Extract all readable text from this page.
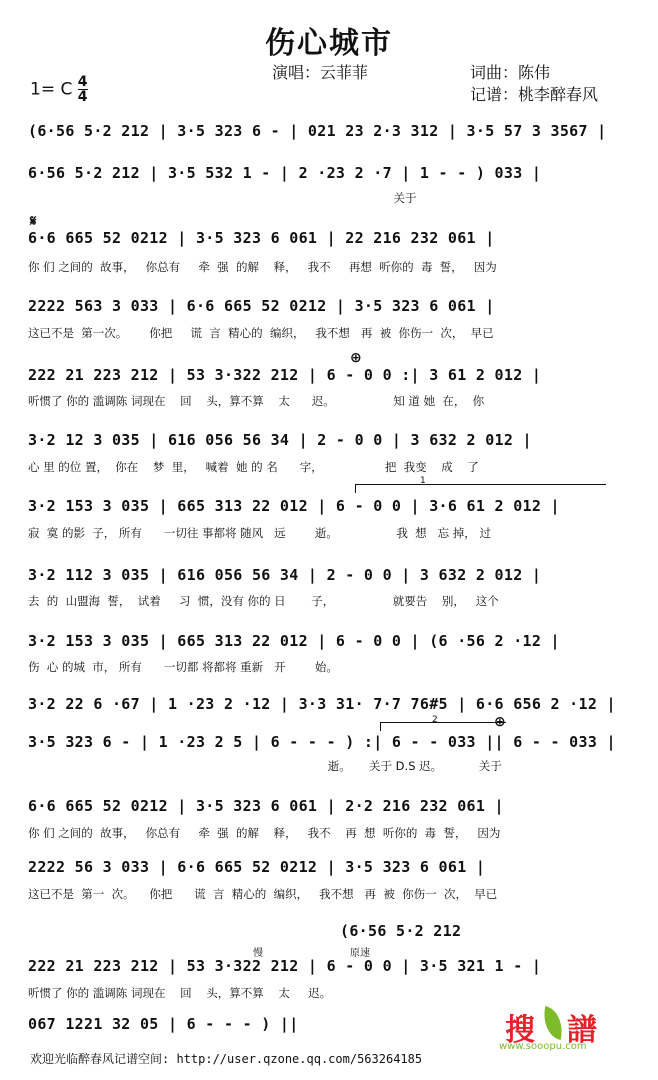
伤心城市
演唱：云菲菲	词曲：陈伟
记谱：桃李醉春风
1= C $\frac{4}{4}$
(6·56 5·2 212 | 3·5 323 6 - | 021 23 2·3 312 | 3·5 57 3 3567 |
6·56 5·2 212 | 3·5 532 1 - | 2 ·23 2 ·7 | 1 - - ) 033 |
关于
𝄋
6·6 665 52 0212 | 3·5 323 6 061 | 22 216 232 061 |
你 们 之间的  故事，   你总有     牵  强  的解    释，   我不     再想  听你的  毒  誓，   因为
2222 563 3 033 | 6·6 665 52 0212 | 3·5 323 6 061 |
这已不是  第一次。      你把     谎  言  精心的  编织，   我不想   再  被  你伤一  次，  早已
⊕
222 21 223 212 | 53 3·322 212 | 6 - 0 0 :| 3 61 2 012 |
听惯了 你的 滥调陈 词现在    回    头，算不算    太      迟。                知 道 她  在，  你
3·2 12 3 035 | 616 056 56 34 | 2 - 0 0 | 3 632 2 012 |
心 里 的位 置，  你在    梦  里，   喊着  她 的 名      字，                 把  我变    成    了
1
3·2 153 3 035 | 665 313 22 012 | 6 - 0 0 | 3·6 61 2 012 |
寂  寞 的影  子， 所有      一切往 事都将 随风   远        逝。                我  想   忘 掉， 过
3·2 112 3 035 | 616 056 56 34 | 2 - 0 0 | 3 632 2 012 |
去  的  山盟海  誓，  试着     习  惯，没有 你的 日       子，                就要告    别，   这个
3·2 153 3 035 | 665 313 22 012 | 6 - 0 0 | (6 ·56 2 ·12 |
伤  心 的城  市， 所有      一切都 将都将 重新   开        始。
3·2 22 6 ·67 | 1 ·23 2 ·12 | 3·3 31· 7·7 76#5 | 6·6 656 2 ·12 |
2	⊕
3·5 323 6 - | 1 ·23 2 5 | 6 - - - ) :| 6 - - 033 || 6 - - 033 |
逝。     关于 D.S 迟。          关于
6·6 665 52 0212 | 3·5 323 6 061 | 2·2 216 232 061 |
你 们 之间的  故事，   你总有     牵  强  的解    释，   我不    再  想  听你的  毒  誓，   因为
2222 56 3 033 | 6·6 665 52 0212 | 3·5 323 6 061 |
这已不是  第一  次。    你把      谎  言  精心的  编织，   我不想   再  被  你伤一  次，  早已
(6·56 5·2 212
慢	原速
222 21 223 212 | 53 3·322 212 | 6 - 0 0 | 3·5 321 1 - |
听惯了 你的 滥调陈 词现在    回    头，算不算    太     迟。
067 1221 32 05 | 6 - - - ) ||	搜 譜
www.sooopu.com
欢迎光临醉春风记谱空间: http://user.qzone.qq.com/563264185
